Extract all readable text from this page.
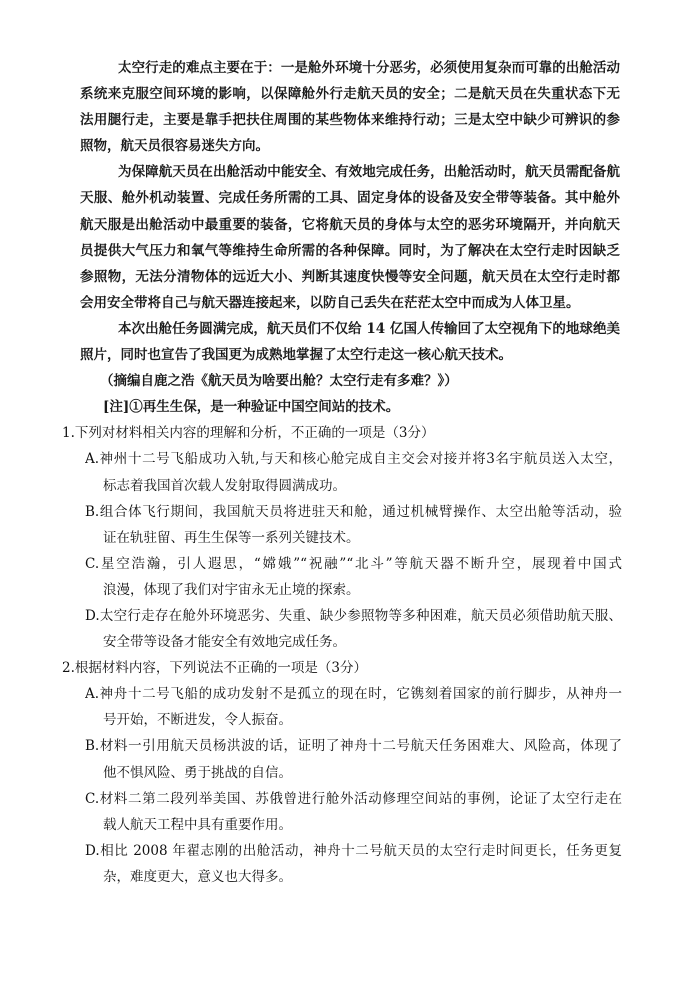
太空行走的难点主要在于：一是舱外环境十分恶劣，必须使用复杂而可靠的出舱活动
系统来克服空间环境的影响，以保障舱外行走航天员的安全；二是航天员在失重状态下无
法用腿行走，主要是靠手把扶住周围的某些物体来维持行动；三是太空中缺少可辨识的参
照物，航天员很容易迷失方向。
为保障航天员在出舱活动中能安全、有效地完成任务，出舱活动时，航天员需配备航
天服、舱外机动装置、完成任务所需的工具、固定身体的设备及安全带等装备。其中舱外
航天服是出舱活动中最重要的装备，它将航天员的身体与太空的恶劣环境隔开，并向航天
员提供大气压力和氧气等维持生命所需的各种保障。同时，为了解决在太空行走时因缺乏
参照物，无法分清物体的远近大小、判断其速度快慢等安全问题，航天员在太空行走时都
会用安全带将自己与航天器连接起来，以防自己丢失在茫茫太空中而成为人体卫星。
本次出舱任务圆满完成，航天员们不仅给 14 亿国人传输回了太空视角下的地球绝美
照片，同时也宣告了我国更为成熟地掌握了太空行走这一核心航天技术。
（摘编自鹿之浩《航天员为啥要出舱？太空行走有多难？》）
[注]①再生生保，是一种验证中国空间站的技术。
1.下列对材料相关内容的理解和分析，不正确的一项是（3分）
A.神州十二号飞船成功入轨,与天和核心舱完成自主交会对接并将3名宇航员送入太空，
标志着我国首次载人发射取得圆满成功。
B.组合体飞行期间，我国航天员将进驻天和舱，通过机械臂操作、太空出舱等活动，验
证在轨驻留、再生生保等一系列关键技术。
C.星空浩瀚，引人遐思，“嫦娥”“祝融”“北斗”等航天器不断升空，展现着中国式
浪漫，体现了我们对宇宙永无止境的探索。
D.太空行走存在舱外环境恶劣、失重、缺少参照物等多种困难，航天员必须借助航天服、
安全带等设备才能安全有效地完成任务。
2.根据材料内容，下列说法不正确的一项是（3分）
A.神舟十二号飞船的成功发射不是孤立的现在时，它镌刻着国家的前行脚步，从神舟一
号开始，不断进发，令人振奋。
B.材料一引用航天员杨洪波的话，证明了神舟十二号航天任务困难大、风险高，体现了
他不惧风险、勇于挑战的自信。
C.材料二第二段列举美国、苏俄曾进行舱外活动修理空间站的事例，论证了太空行走在
载人航天工程中具有重要作用。
D.相比 2008 年翟志刚的出舱活动，神舟十二号航天员的太空行走时间更长，任务更复
杂，难度更大，意义也大得多。
